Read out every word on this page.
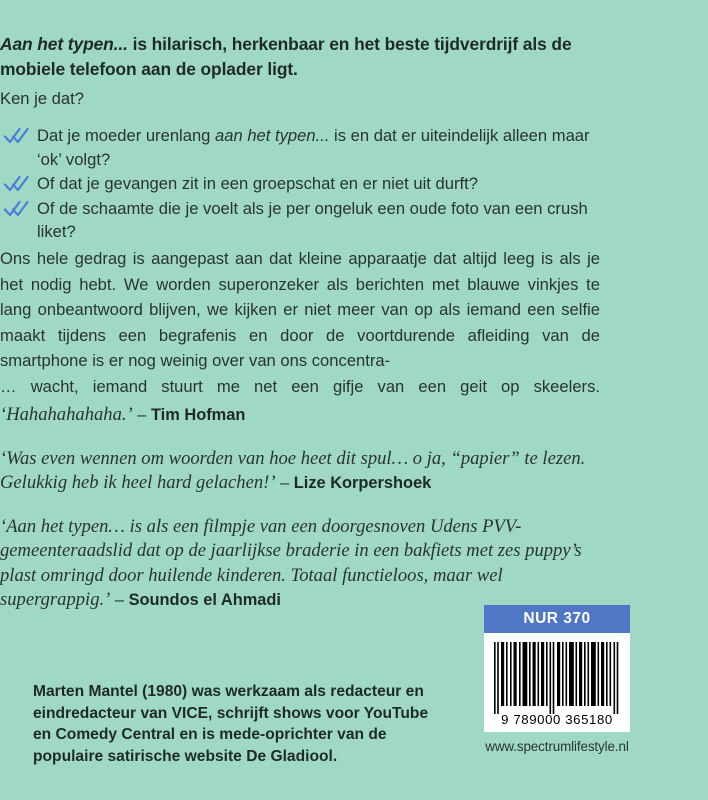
Aan het typen... is hilarisch, herkenbaar en het beste tijdverdrijf als de mobiele telefoon aan de oplader ligt.
Ken je dat?
Dat je moeder urenlang aan het typen... is en dat er uiteindelijk alleen maar ‘ok’ volgt?
Of dat je gevangen zit in een groepschat en er niet uit durft?
Of de schaamte die je voelt als je per ongeluk een oude foto van een crush liket?
Ons hele gedrag is aangepast aan dat kleine apparaatje dat altijd leeg is als je het nodig hebt. We worden superonzeker als berichten met blauwe vinkjes te lang onbeantwoord blijven, we kijken er niet meer van op als iemand een selfie maakt tijdens een begrafenis en door de voortdurende afleiding van de smartphone is er nog weinig over van ons concentra-
… wacht, iemand stuurt me net een gifje van een geit op skeelers.
‘Hahahahahaha.’ – Tim Hofman
‘Was even wennen om woorden van hoe heet dit spul… o ja, “papier” te lezen. Gelukkig heb ik heel hard gelachen!’ – Lize Korpershoek
‘Aan het typen… is als een filmpje van een doorgesnoven Udens PVV-gemeenteraadslid dat op de jaarlijkse braderie in een bakfiets met zes puppy’s plast omringd door huilende kinderen. Totaal functieloos, maar wel supergrappig.’ – Soundos el Ahmadi
Marten Mantel (1980) was werkzaam als redacteur en eindredacteur van VICE, schrijft shows voor YouTube en Comedy Central en is mede-oprichter van de populaire satirische website De Gladiool.
NUR 370
9 789000 365180
www.spectrumlifestyle.nl
